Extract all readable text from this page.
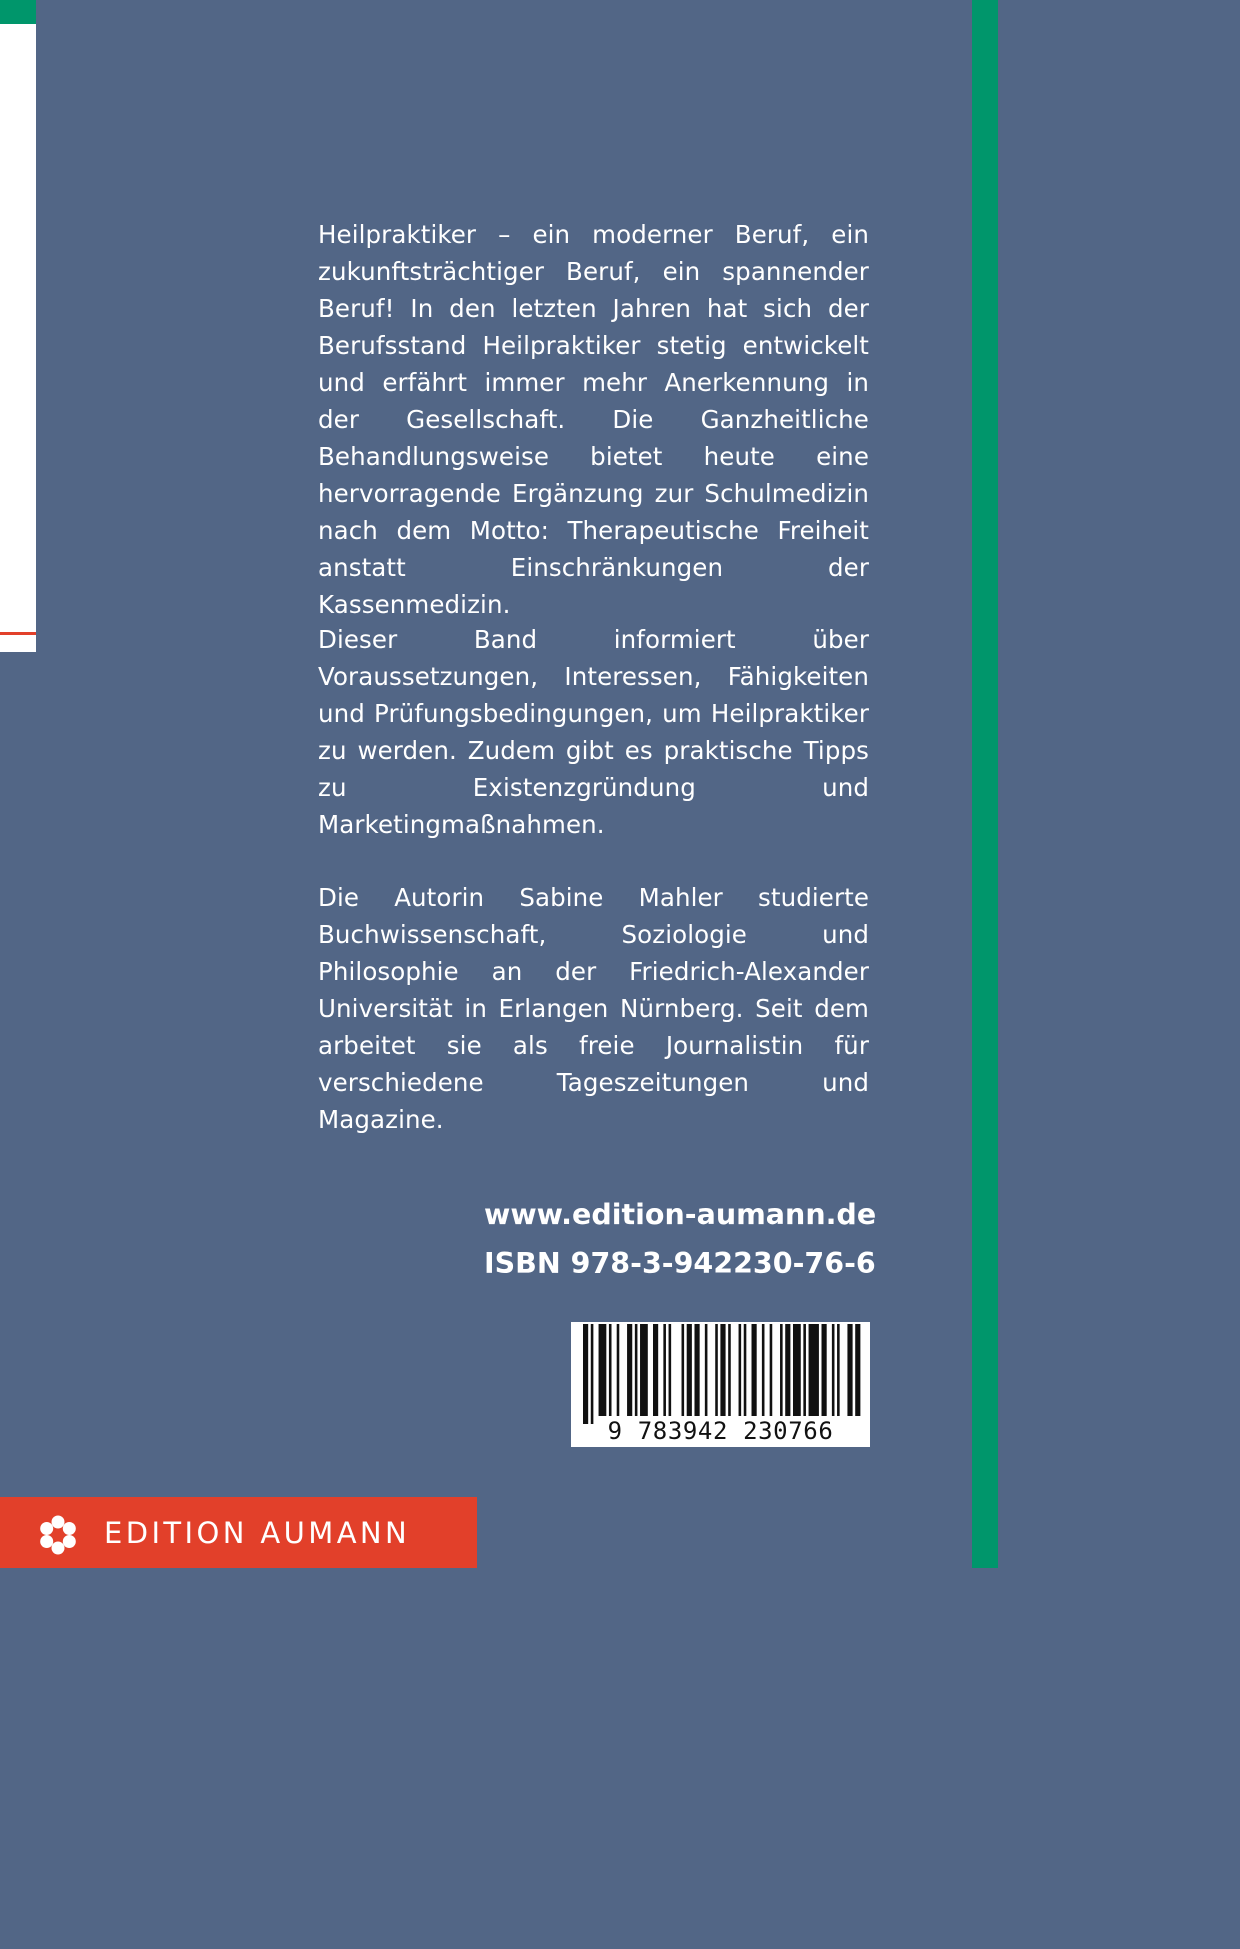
Heilpraktiker – ein moderner Beruf, ein zukunftsträchtiger Beruf, ein spannender Beruf! In den letzten Jahren hat sich der Berufsstand Heilpraktiker stetig entwickelt und erfährt immer mehr Anerkennung in der Gesellschaft. Die Ganzheitliche Behandlungsweise bietet heute eine hervorragende Ergänzung zur Schulmedizin nach dem Motto: Therapeutische Freiheit anstatt Einschränkungen der Kassenmedizin.

Dieser Band informiert über Voraussetzungen, Interessen, Fähigkeiten und Prüfungsbedingungen, um Heilpraktiker zu werden. Zudem gibt es praktische Tipps zu Existenzgründung und Marketingmaßnahmen.

Die Autorin Sabine Mahler studierte Buchwissenschaft, Soziologie und Philosophie an der Friedrich-Alexander Universität in Erlangen Nürnberg. Seit dem arbeitet sie als freie Journalistin für verschiedene Tageszeitungen und Magazine.

www.edition-aumann.de

ISBN 978-3-942230-76-6

9 783942 230766
EDITION AUMANN
